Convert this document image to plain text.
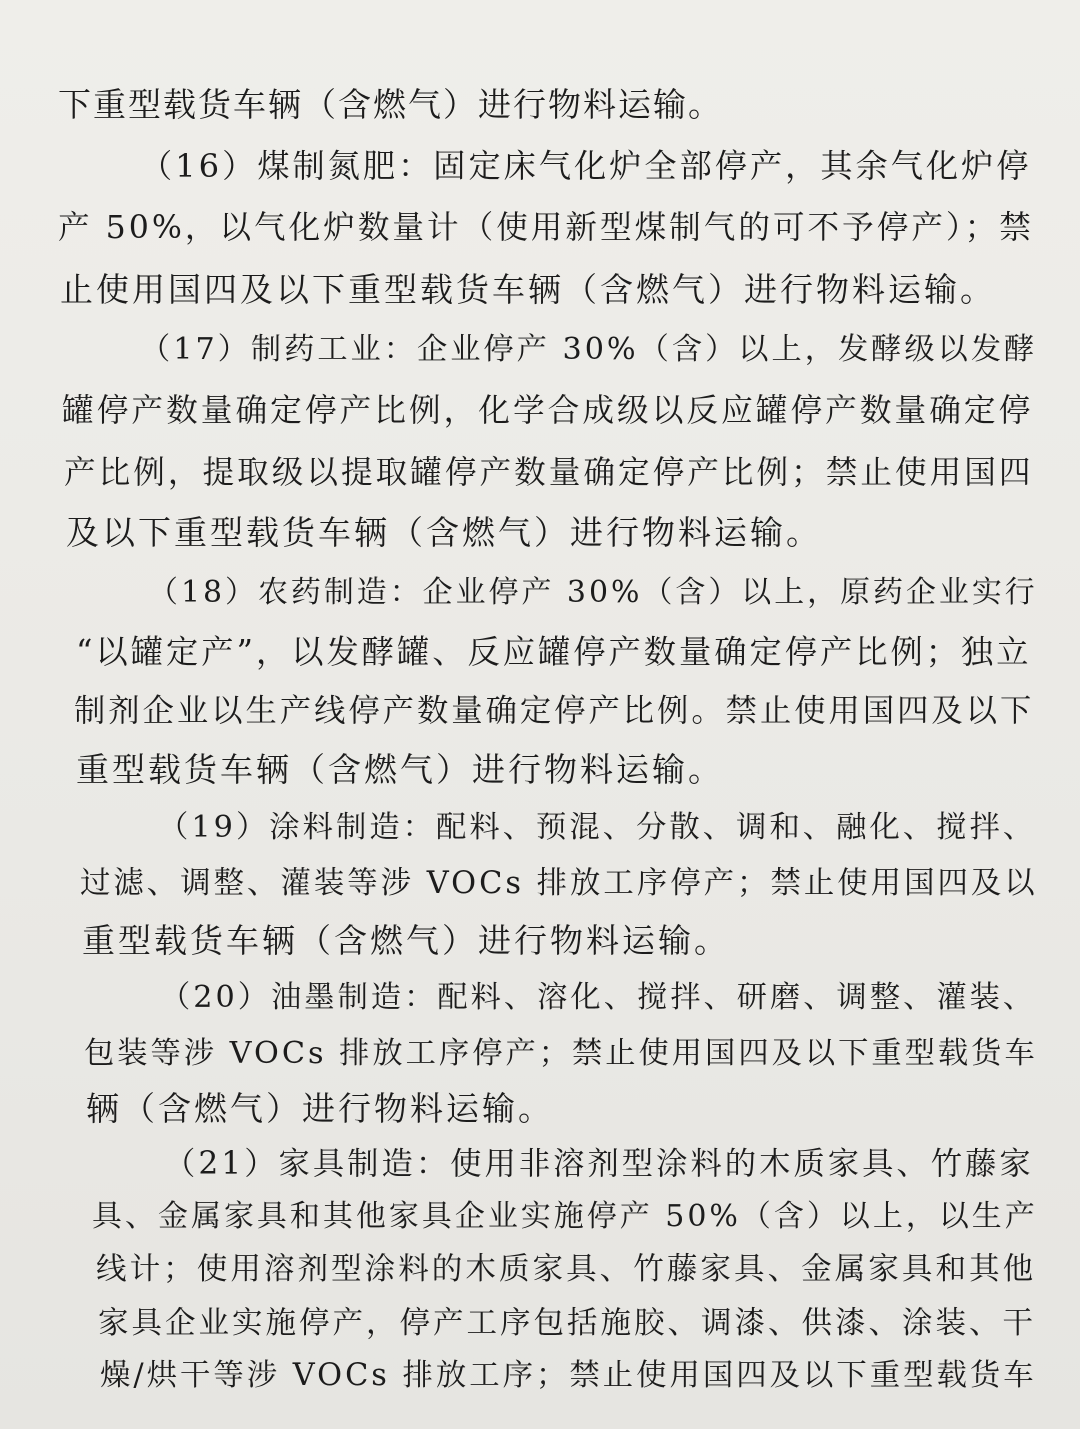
下重型载货车辆（含燃气）进行物料运输。
（16）煤制氮肥：固定床气化炉全部停产，其余气化炉停
产 50%，以气化炉数量计（使用新型煤制气的可不予停产）；禁
止使用国四及以下重型载货车辆（含燃气）进行物料运输。
（17）制药工业：企业停产 30%（含）以上，发酵级以发酵
罐停产数量确定停产比例，化学合成级以反应罐停产数量确定停
产比例，提取级以提取罐停产数量确定停产比例；禁止使用国四
及以下重型载货车辆（含燃气）进行物料运输。
（18）农药制造：企业停产 30%（含）以上，原药企业实行
“以罐定产”，以发酵罐、反应罐停产数量确定停产比例；独立
制剂企业以生产线停产数量确定停产比例。禁止使用国四及以下
重型载货车辆（含燃气）进行物料运输。
（19）涂料制造：配料、预混、分散、调和、融化、搅拌、
过滤、调整、灌装等涉 VOCs 排放工序停产；禁止使用国四及以
重型载货车辆（含燃气）进行物料运输。
（20）油墨制造：配料、溶化、搅拌、研磨、调整、灌装、
包装等涉 VOCs 排放工序停产；禁止使用国四及以下重型载货车
辆（含燃气）进行物料运输。
（21）家具制造：使用非溶剂型涂料的木质家具、竹藤家
具、金属家具和其他家具企业实施停产 50%（含）以上，以生产
线计；使用溶剂型涂料的木质家具、竹藤家具、金属家具和其他
家具企业实施停产，停产工序包括施胶、调漆、供漆、涂装、干
燥/烘干等涉 VOCs 排放工序；禁止使用国四及以下重型载货车
